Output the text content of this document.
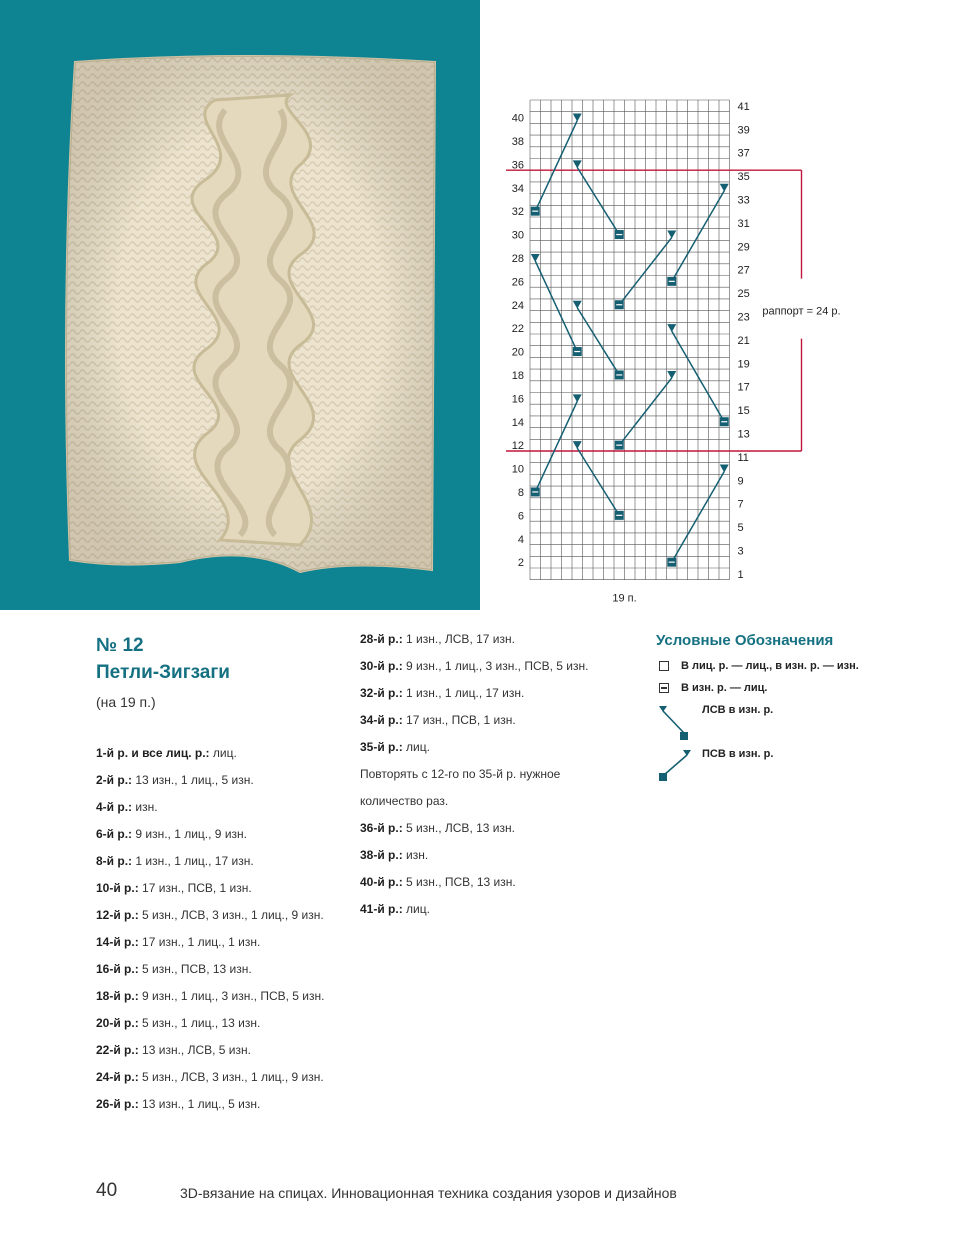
раппорт = 24 р.
40
38
36
34
32
30
28
26
24
22
20
18
16
14
12
10
8
6
4
2
41
39
37
35
33
31
29
27
25
23
21
19
17
15
13
11
9
7
5
3
1
19 п.
№ 12
Петли-Зигзаги
(на 19 п.)
1-й р. и все лиц. р.: лиц.
2-й р.: 13 изн., 1 лиц., 5 изн.
4-й р.: изн.
6-й р.: 9 изн., 1 лиц., 9 изн.
8-й р.: 1 изн., 1 лиц., 17 изн.
10-й р.: 17 изн., ПСВ, 1 изн.
12-й р.: 5 изн., ЛСВ, 3 изн., 1 лиц., 9 изн.
14-й р.: 17 изн., 1 лиц., 1 изн.
16-й р.: 5 изн., ПСВ, 13 изн.
18-й р.: 9 изн., 1 лиц., 3 изн., ПСВ, 5 изн.
20-й р.: 5 изн., 1 лиц., 13 изн.
22-й р.: 13 изн., ЛСВ, 5 изн.
24-й р.: 5 изн., ЛСВ, 3 изн., 1 лиц., 9 изн.
26-й р.: 13 изн., 1 лиц., 5 изн.
28-й р.: 1 изн., ЛСВ, 17 изн.
30-й р.: 9 изн., 1 лиц., 3 изн., ПСВ, 5 изн.
32-й р.: 1 изн., 1 лиц., 17 изн.
34-й р.: 17 изн., ПСВ, 1 изн.
35-й р.: лиц.
Повторять с 12-го по 35-й р. нужное
количество раз.
36-й р.: 5 изн., ЛСВ, 13 изн.
38-й р.: изн.
40-й р.: 5 изн., ПСВ, 13 изн.
41-й р.: лиц.
Условные Обозначения
В лиц. р. — лиц., в изн. р. — изн.
В изн. р. — лиц.
ЛСВ в изн. р.
ПСВ в изн. р.
40	3D-вязание на спицах. Инновационная техника создания узоров и дизайнов
